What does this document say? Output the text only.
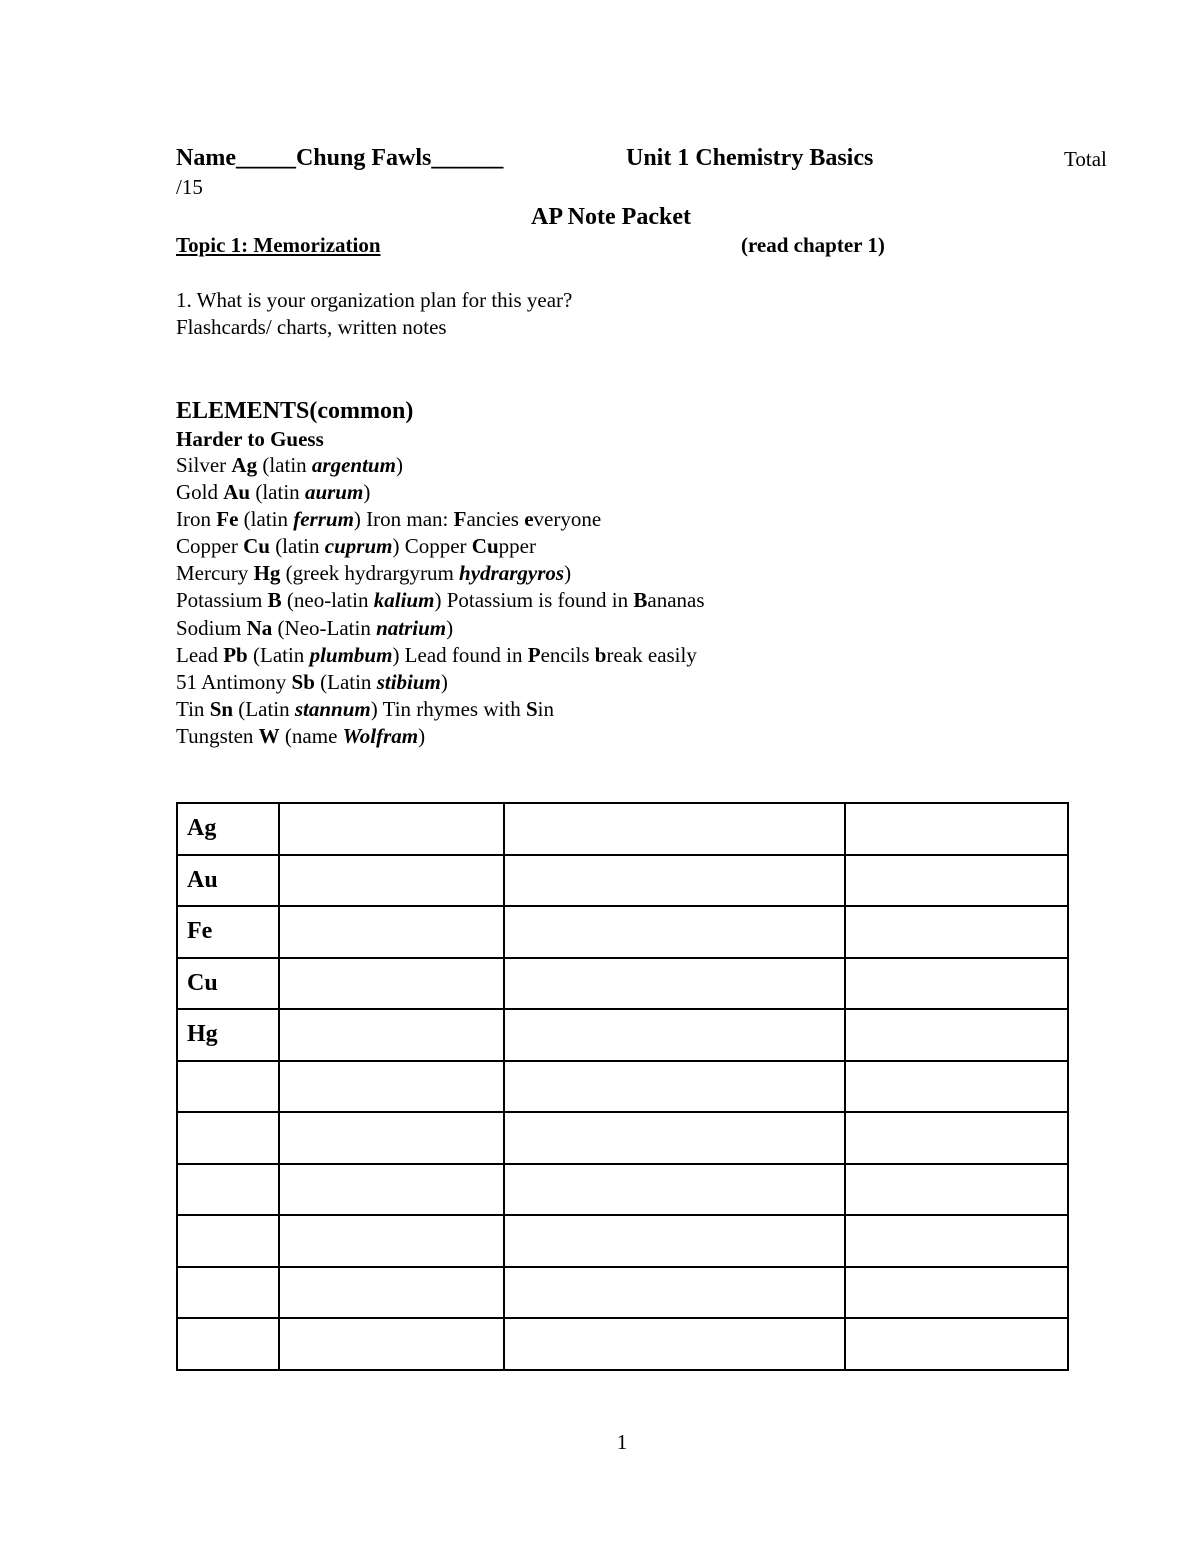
Name_____Chung Fawls______	Unit 1 Chemistry Basics	Total
/15
AP Note Packet
Topic 1: Memorization	(read chapter 1)
1. What is your organization plan for this year?
Flashcards/ charts, written notes
ELEMENTS(common)
Harder to Guess
Silver Ag (latin argentum)
Gold Au (latin aurum)
Iron Fe (latin ferrum) Iron man: Fancies everyone
Copper Cu (latin cuprum) Copper Cupper
Mercury Hg (greek hydrargyrum hydrargyros)
Potassium B (neo-latin kalium) Potassium is found in Bananas
Sodium Na (Neo-Latin natrium)
Lead Pb (Latin plumbum) Lead found in Pencils break easily
51 Antimony Sb (Latin stibium)
Tin Sn (Latin stannum) Tin rhymes with Sin
Tungsten W (name Wolfram)
Ag			
Au			
Fe			
Cu			
Hg			

1
